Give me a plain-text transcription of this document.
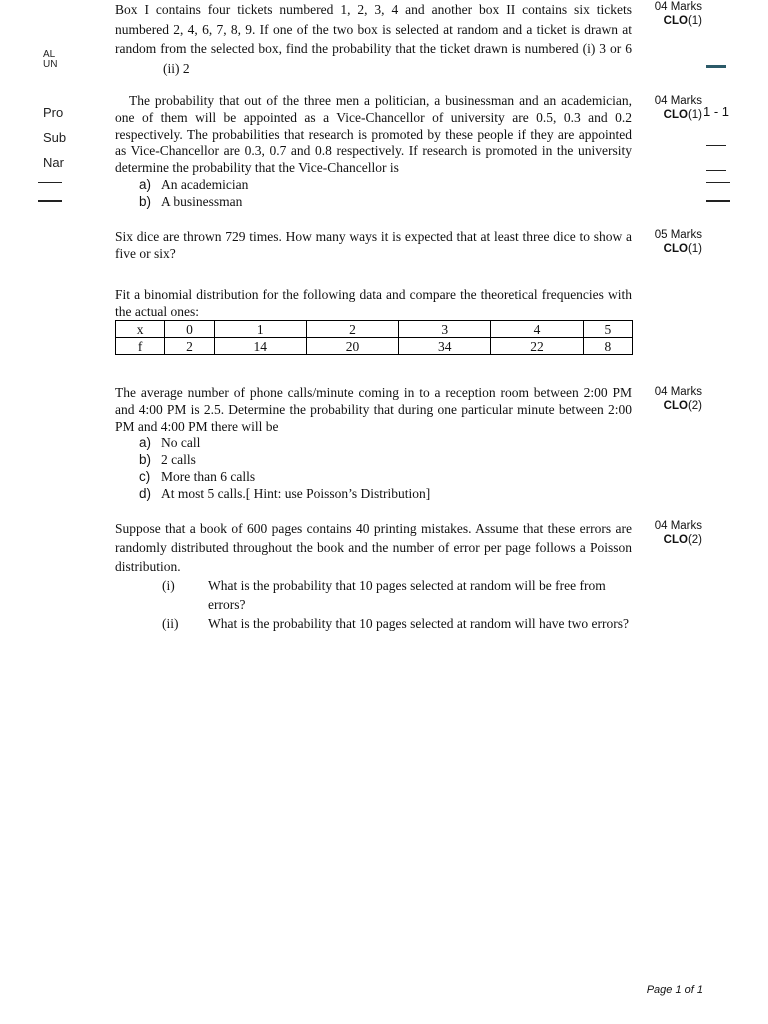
AL
UN
Pro
Sub
Nar
Box I contains four tickets numbered 1, 2, 3, 4 and another box II contains six tickets numbered 2, 4, 6, 7, 8, 9. If one of the two box is selected at random and a ticket is drawn at random from the selected box, find the probability that the ticket drawn is numbered (i) 3 or 6(ii) 2
04 Marks
CLO(1)

The probability that out of the three men a politician, a businessman and an academician, one of them will be appointed as a Vice-Chancellor of university are 0.5, 0.3 and 0.2 respectively. The probabilities that research is promoted by these people if they are appointed as Vice-Chancellor are 0.3, 0.7 and 0.8 respectively. If research is promoted in the university determine the probability that the Vice-Chancellor is

a) An academician
b) A businessman
04 Marks
CLO(1) 1 - 1

Six dice are thrown 729 times. How many ways it is expected that at least three dice to show a five or six?

05 Marks
CLO(1)

Fit a binomial distribution for the following data and compare the theoretical frequencies with the actual ones:

x	0	1	2	3	4	5
f	2	14	20	34	22	8

The average number of phone calls/minute coming in to a reception room between 2:00 PM and 4:00 PM is 2.5. Determine the probability that during one particular minute between 2:00 PM and 4:00 PM there will be

a) No call
b) 2 calls
c) More than 6 calls
d) At most 5 calls.[ Hint: use Poisson’s Distribution]
04 Marks
CLO(2)

Suppose that a book of 600 pages contains 40 printing mistakes. Assume that these errors are randomly distributed throughout the book and the number of error per page follows a Poisson distribution.

(i) What is the probability that 10 pages selected at random will be free from errors?
(ii) What is the probability that 10 pages selected at random will have two errors?
04 Marks
CLO(2)
Page 1 of 1
